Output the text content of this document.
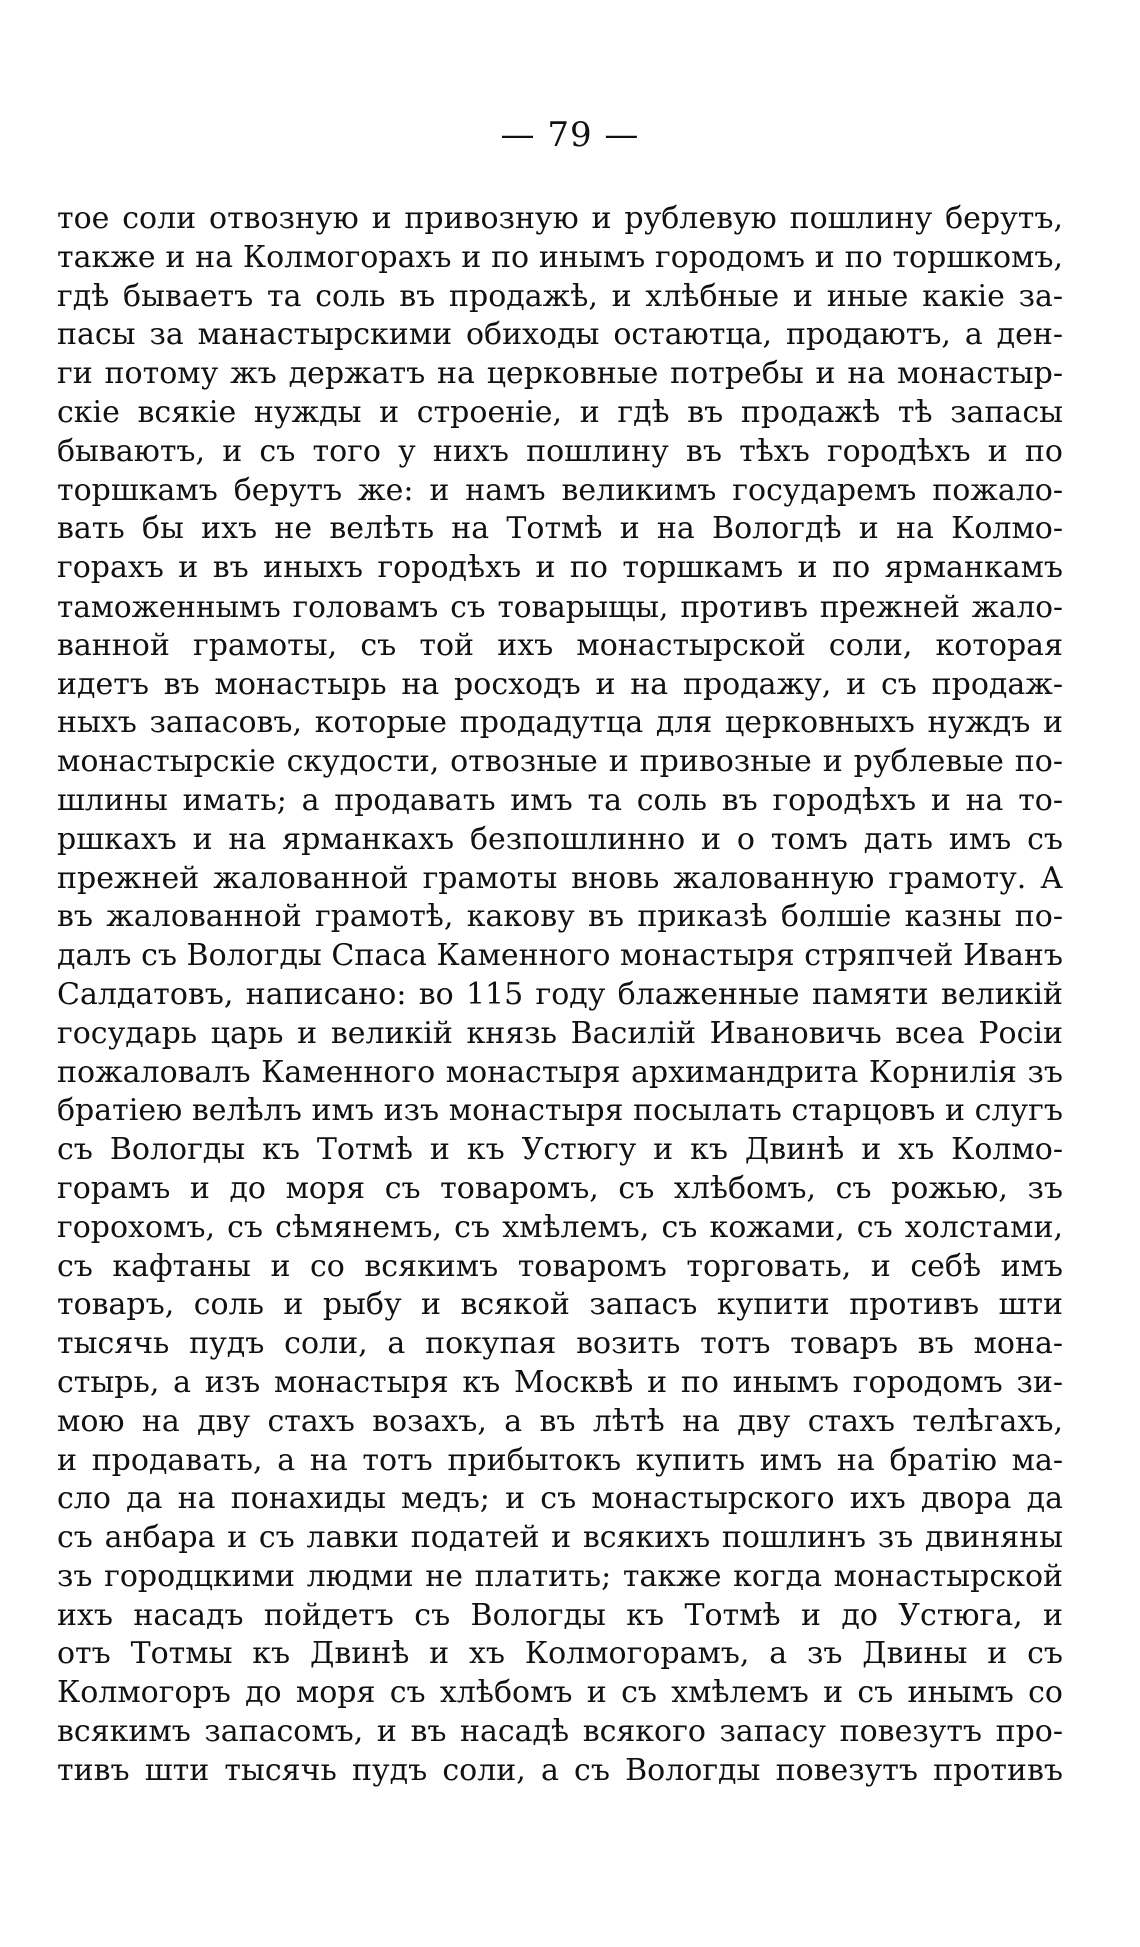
— 79 —
тое соли отвозную и привозную и рублевую пошлину берутъ,
также и на Колмогорахъ и по инымъ городомъ и по торшкомъ,
гдѣ бываетъ та соль въ продажѣ, и хлѣбные и иные какіе за-
пасы за манастырскими обиходы остаютца, продаютъ, а ден-
ги потому жъ держатъ на церковные потребы и на монастыр-
скіе всякіе нужды и строеніе, и гдѣ въ продажѣ тѣ запасы
бываютъ, и съ того у нихъ пошлину въ тѣхъ городѣхъ и по
торшкамъ берутъ же: и намъ великимъ государемъ пожало-
вать бы ихъ не велѣть на Тотмѣ и на Вологдѣ и на Колмо-
горахъ и въ иныхъ городѣхъ и по торшкамъ и по ярманкамъ
таможеннымъ головамъ съ товарыщы, противъ прежней жало-
ванной грамоты, съ той ихъ монастырской соли, которая
идетъ въ монастырь на росходъ и на продажу, и съ продаж-
ныхъ запасовъ, которые продадутца для церковныхъ нуждъ и
монастырскіе скудости, отвозные и привозные и рублевые по-
шлины имать; а продавать имъ та соль въ городѣхъ и на то-
ршкахъ и на ярманкахъ безпошлинно и о томъ дать имъ съ
прежней жалованной грамоты вновь жалованную грамоту. А
въ жалованной грамотѣ, какову въ приказѣ болшіе казны по-
далъ съ Вологды Спаса Каменного монастыря стряпчей Иванъ
Салдатовъ, написано: во 115 году блаженные памяти великій
государь царь и великій князь Василій Ивановичь всеа Росіи
пожаловалъ Каменного монастыря архимандрита Корнилія зъ
братіею велѣлъ имъ изъ монастыря посылать старцовъ и слугъ
съ Вологды къ Тотмѣ и къ Устюгу и къ Двинѣ и хъ Колмо-
горамъ и до моря съ товаромъ, съ хлѣбомъ, съ рожью, зъ
горохомъ, съ сѣмянемъ, съ хмѣлемъ, съ кожами, съ холстами,
съ кафтаны и со всякимъ товаромъ торговать, и себѣ имъ
товаръ, соль и рыбу и всякой запасъ купити противъ шти
тысячь пудъ соли, а покупая возить тотъ товаръ въ мона-
стырь, а изъ монастыря къ Москвѣ и по инымъ городомъ зи-
мою на дву стахъ возахъ, а въ лѣтѣ на дву стахъ телѣгахъ,
и продавать, а на тотъ прибытокъ купить имъ на братію ма-
сло да на понахиды медъ; и съ монастырского ихъ двора да
съ анбара и съ лавки податей и всякихъ пошлинъ зъ двиняны
зъ городцкими людми не платить; также когда монастырской
ихъ насадъ пойдетъ съ Вологды къ Тотмѣ и до Устюга, и
отъ Тотмы къ Двинѣ и хъ Колмогорамъ, а зъ Двины и съ
Колмогоръ до моря съ хлѣбомъ и съ хмѣлемъ и съ инымъ со
всякимъ запасомъ, и въ насадѣ всякого запасу повезутъ про-
тивъ шти тысячь пудъ соли, а съ Вологды повезутъ противъ
